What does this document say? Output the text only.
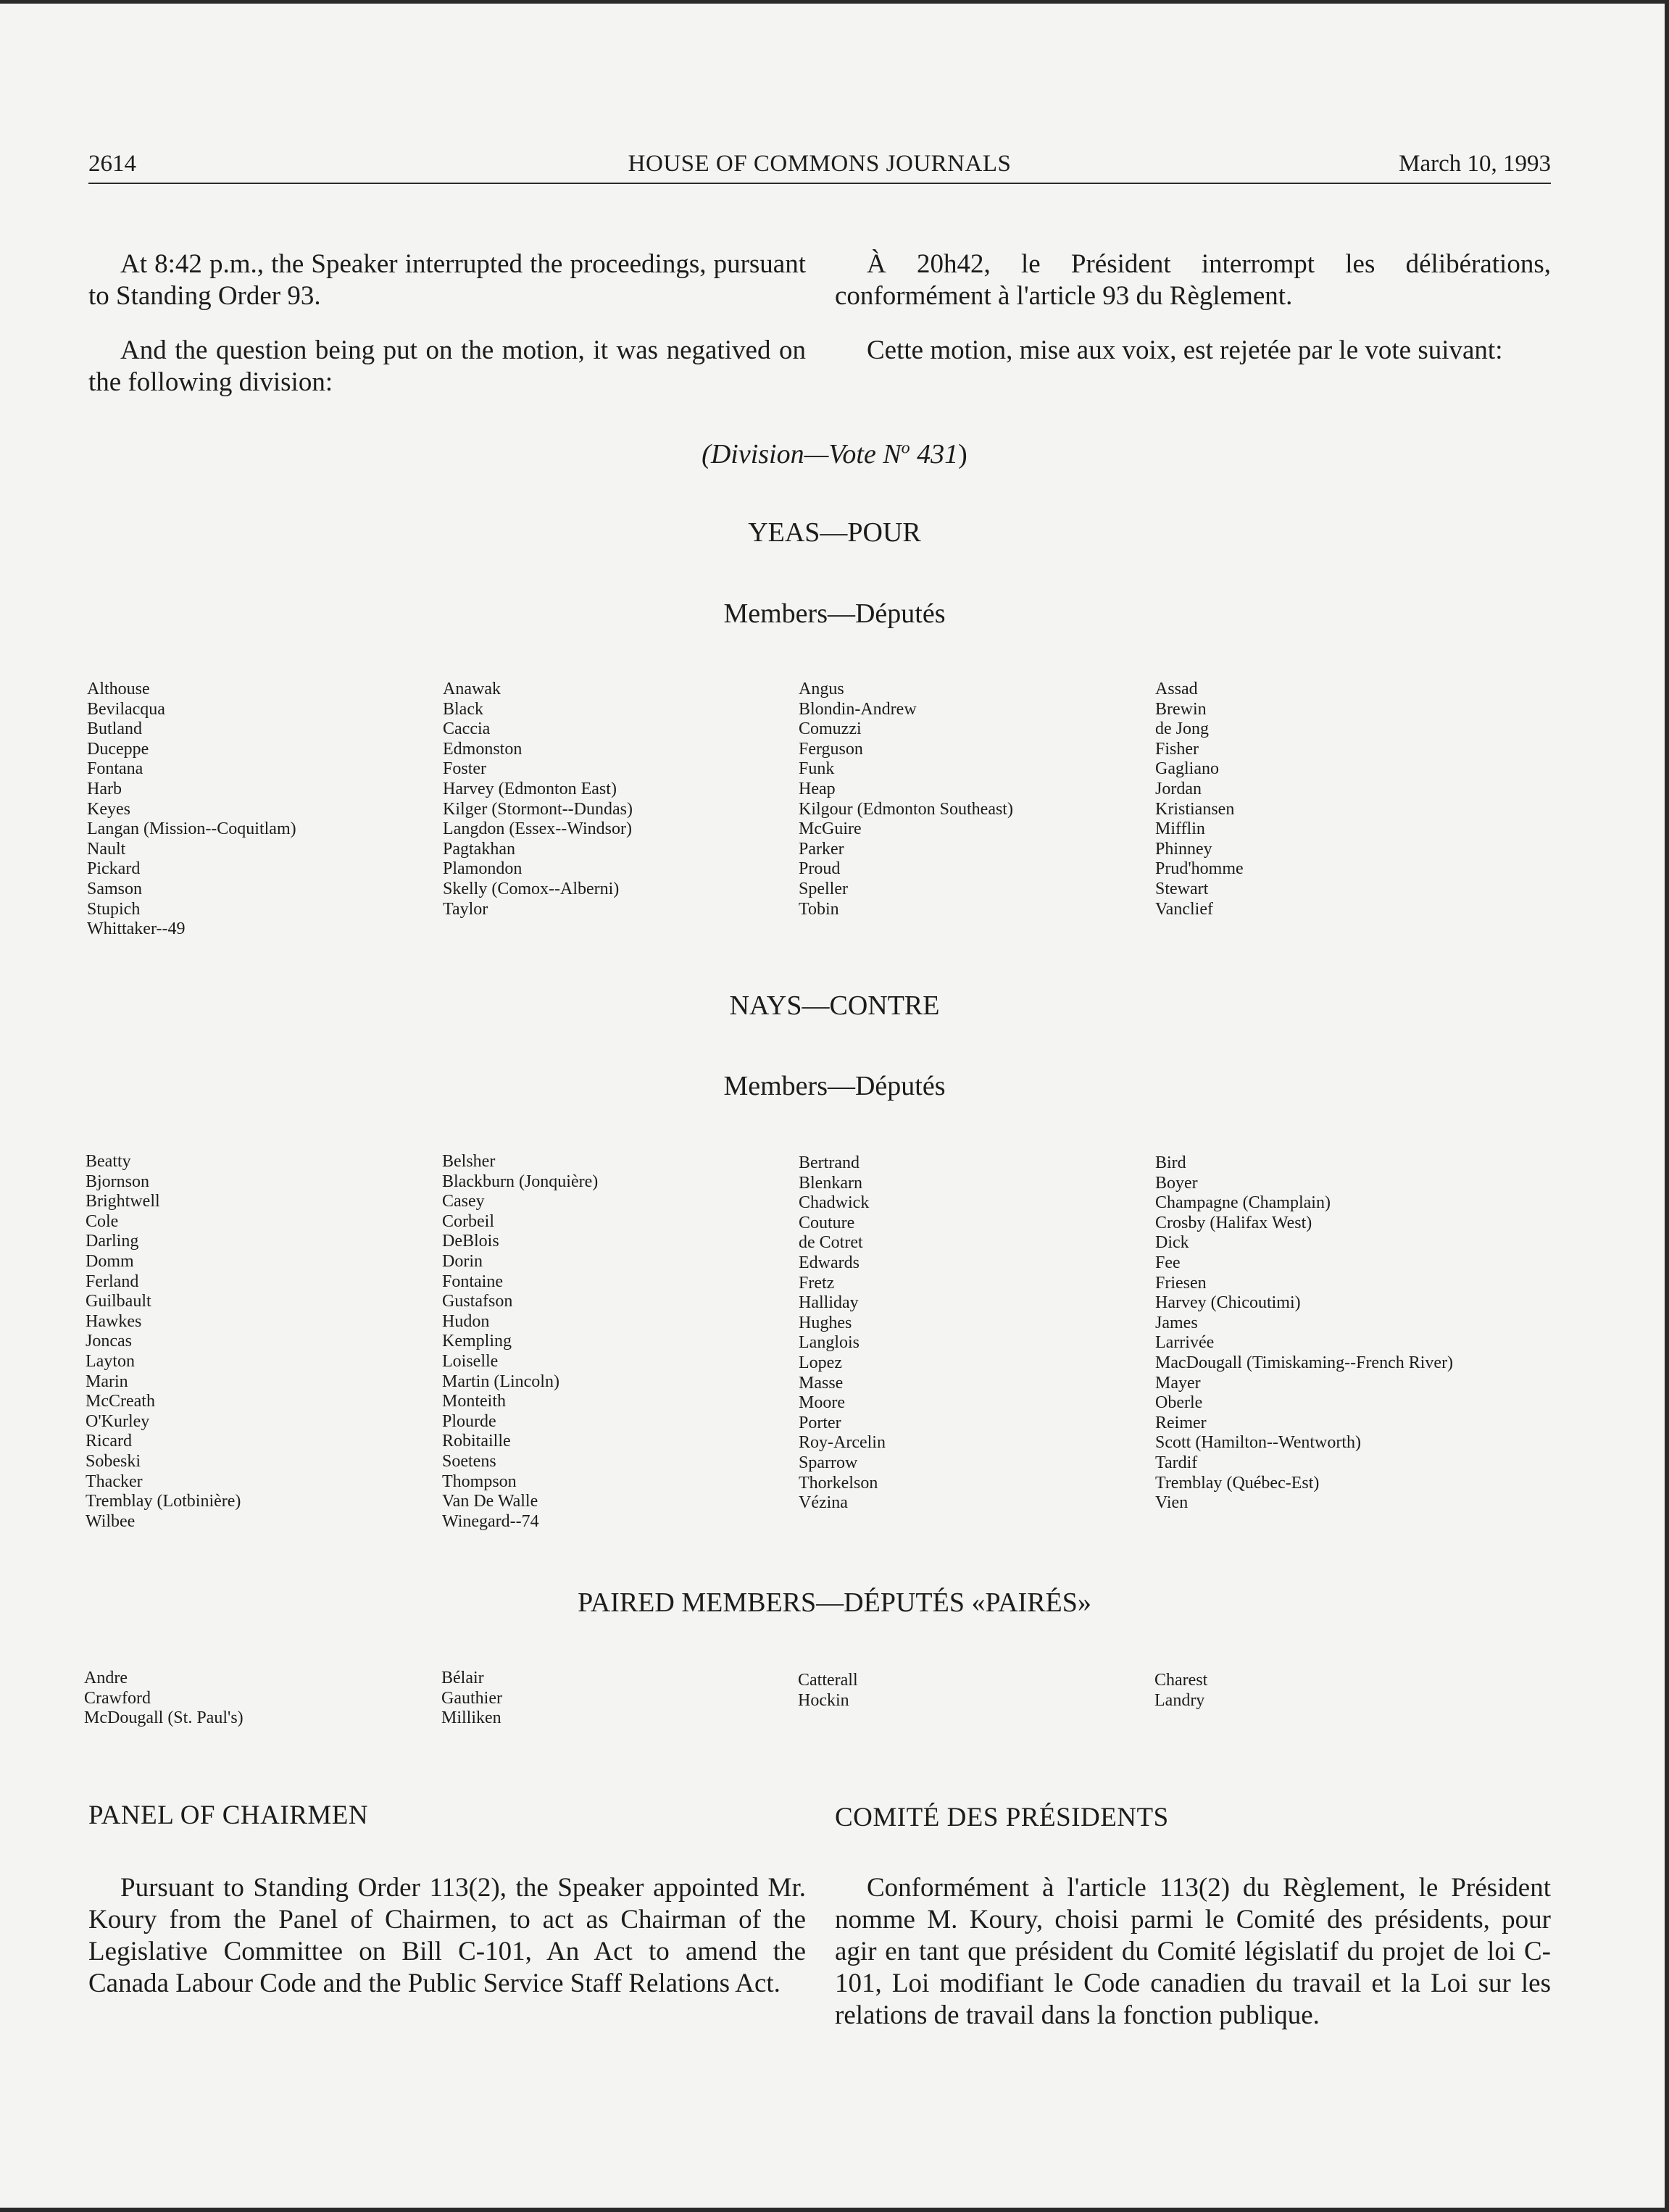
HOUSE OF COMMONS JOURNALS
2614	March 10, 1993

At 8:42 p.m., the Speaker interrupted the proceedings, pursuant to Standing Order 93.

And the question being put on the motion, it was negatived on the following division:

À 20h42, le Président interrompt les délibérations, conformément à l'article 93 du Règlement.

Cette motion, mise aux voix, est rejetée par le vote suivant:

(Division—Vote $N^o$ 431)
YEAS—POUR
Members—Députés
Althouse
Bevilacqua
Butland
Duceppe
Fontana
Harb
Keyes
Langan (Mission--Coquitlam)
Nault
Pickard
Samson
Stupich
Whittaker--49
Anawak
Black
Caccia
Edmonston
Foster
Harvey (Edmonton East)
Kilger (Stormont--Dundas)
Langdon (Essex--Windsor)
Pagtakhan
Plamondon
Skelly (Comox--Alberni)
Taylor
Angus
Blondin-Andrew
Comuzzi
Ferguson
Funk
Heap
Kilgour (Edmonton Southeast)
McGuire
Parker
Proud
Speller
Tobin
Assad
Brewin
de Jong
Fisher
Gagliano
Jordan
Kristiansen
Mifflin
Phinney
Prud'homme
Stewart
Vanclief
NAYS—CONTRE
Members—Députés
Beatty
Bjornson
Brightwell
Cole
Darling
Domm
Ferland
Guilbault
Hawkes
Joncas
Layton
Marin
McCreath
O'Kurley
Ricard
Sobeski
Thacker
Tremblay (Lotbinière)
Wilbee
Belsher
Blackburn (Jonquière)
Casey
Corbeil
DeBlois
Dorin
Fontaine
Gustafson
Hudon
Kempling
Loiselle
Martin (Lincoln)
Monteith
Plourde
Robitaille
Soetens
Thompson
Van De Walle
Winegard--74
Bertrand
Blenkarn
Chadwick
Couture
de Cotret
Edwards
Fretz
Halliday
Hughes
Langlois
Lopez
Masse
Moore
Porter
Roy-Arcelin
Sparrow
Thorkelson
Vézina
Bird
Boyer
Champagne (Champlain)
Crosby (Halifax West)
Dick
Fee
Friesen
Harvey (Chicoutimi)
James
Larrivée
MacDougall (Timiskaming--French River)
Mayer
Oberle
Reimer
Scott (Hamilton--Wentworth)
Tardif
Tremblay (Québec-Est)
Vien
PAIRED MEMBERS—DÉPUTÉS «PAIRÉS»
Andre
Crawford
McDougall (St. Paul's)
Bélair
Gauthier
Milliken
Catterall
Hockin
Charest
Landry
PANEL OF CHAIRMEN	COMITÉ DES PRÉSIDENTS

Pursuant to Standing Order 113(2), the Speaker appointed Mr. Koury from the Panel of Chairmen, to act as Chairman of the Legislative Committee on Bill C-101, An Act to amend the Canada Labour Code and the Public Service Staff Relations Act.

Conformément à l'article 113(2) du Règlement, le Président nomme M. Koury, choisi parmi le Comité des présidents, pour agir en tant que président du Comité législatif du projet de loi C-101, Loi modifiant le Code canadien du travail et la Loi sur les relations de travail dans la fonction publique.
